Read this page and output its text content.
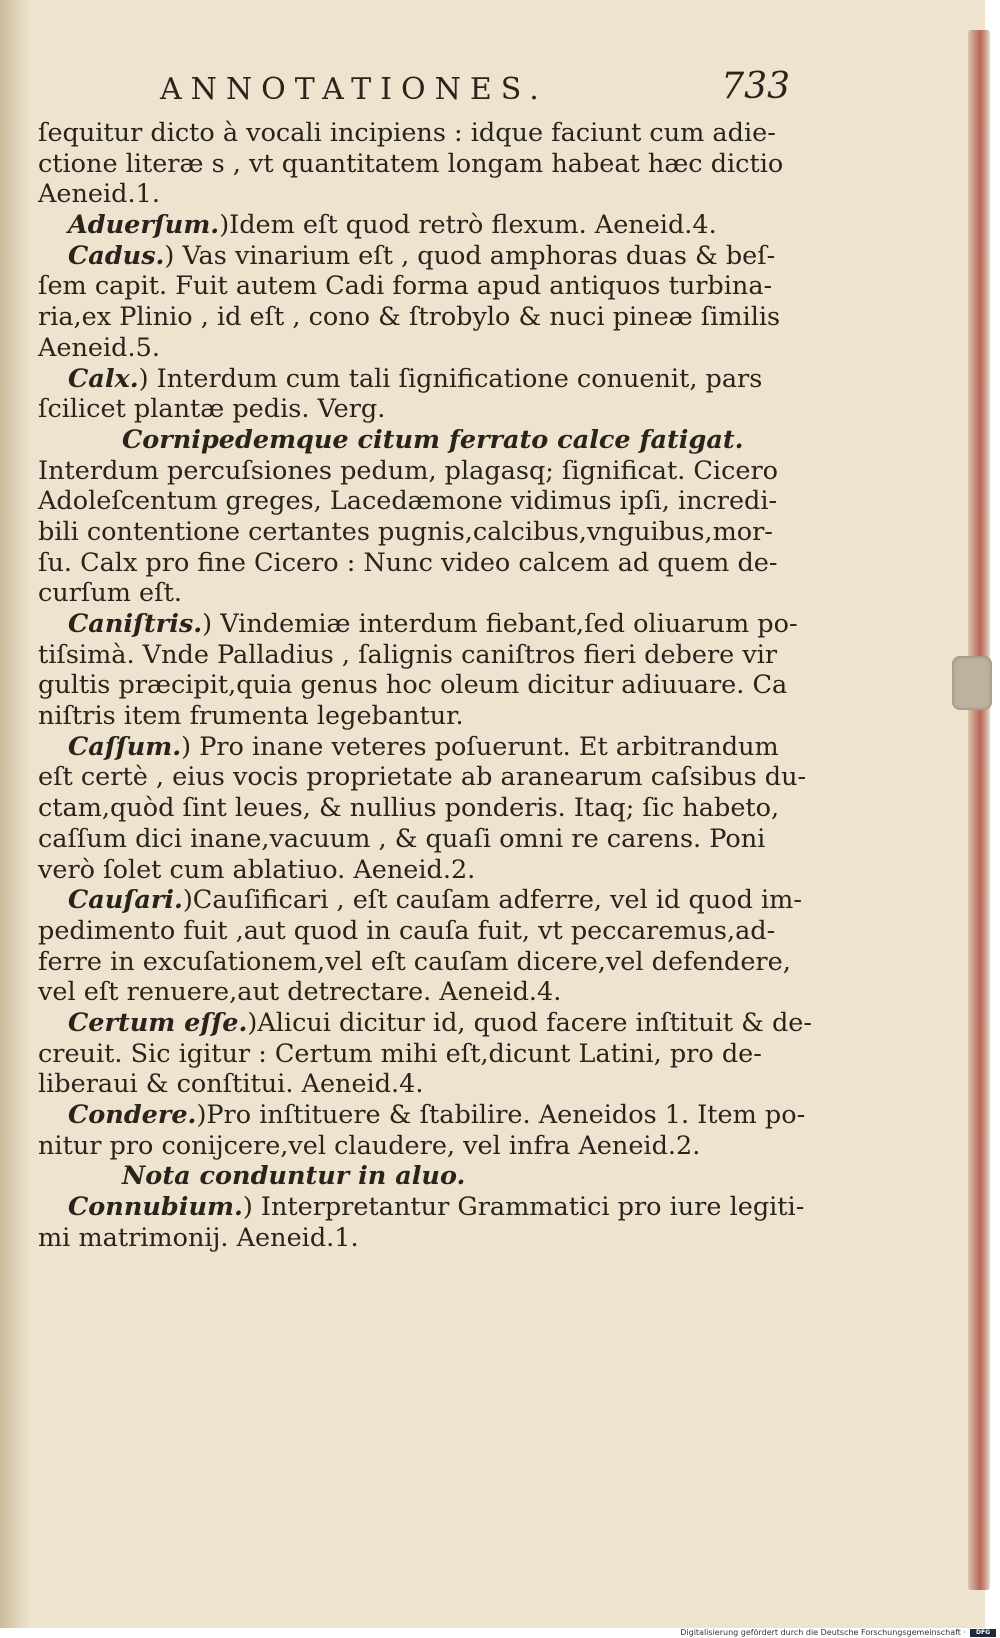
ANNOTATIONES.	733
ſequitur dicto à vocali incipiens : idque faciunt cum adie-
ctione literæ s , vt quantitatem longam habeat hæc dictio
Aeneid.1.
Aduerſum.)Idem eſt quod retrò flexum. Aeneid.4.
Cadus.) Vas vinarium eſt , quod amphoras duas & beſ-
ſem capit. Fuit autem Cadi forma apud antiquos turbina-
ria,ex Plinio , id eſt , cono & ſtrobylo & nuci pineæ ſimilis
Aeneid.5.
Calx.) Interdum cum tali ſignificatione conuenit, pars
ſcilicet plantæ pedis. Verg.
Cornipedemque citum ferrato calce fatigat.
Interdum percuſsiones pedum, plagasq; ſignificat. Cicero
Adoleſcentum greges, Lacedæmone vidimus ipſi, incredi-
bili contentione certantes pugnis,calcibus,vnguibus,mor-
ſu. Calx pro fine Cicero : Nunc video calcem ad quem de-
curſum eſt.
Caniſtris.) Vindemiæ interdum fiebant,ſed oliuarum po-
tiſsimà. Vnde Palladius , ſalignis caniſtros fieri debere vir
gultis præcipit,quia genus hoc oleum dicitur adiuuare. Ca
niſtris item frumenta legebantur.
Caſſum.) Pro inane veteres poſuerunt. Et arbitrandum
eſt certè , eius vocis proprietate ab aranearum caſsibus du-
ctam,quòd ſint leues, & nullius ponderis. Itaq; ſic habeto,
caſſum dici inane,vacuum , & quaſi omni re carens. Poni
verò ſolet cum ablatiuo. Aeneid.2.
Cauſari.)Cauſificari , eſt cauſam adferre, vel id quod im-
pedimento fuit ,aut quod in cauſa fuit, vt peccaremus,ad-
ferre in excuſationem,vel eſt cauſam dicere,vel defendere,
vel eſt renuere,aut detrectare. Aeneid.4.
Certum eſſe.)Alicui dicitur id, quod facere inſtituit & de-
creuit. Sic igitur : Certum mihi eſt,dicunt Latini, pro de-
liberaui & conſtitui. Aeneid.4.
Condere.)Pro inſtituere & ſtabilire. Aeneidos 1. Item po-
nitur pro conijcere,vel claudere, vel infra Aeneid.2.
Nota conduntur in aluo.
Connubium.) Interpretantur Grammatici pro iure legiti-
mi matrimonij. Aeneid.1.
Digitalisierung gefördert durch die Deutsche Forschungsgemeinschaft ·	DFG
